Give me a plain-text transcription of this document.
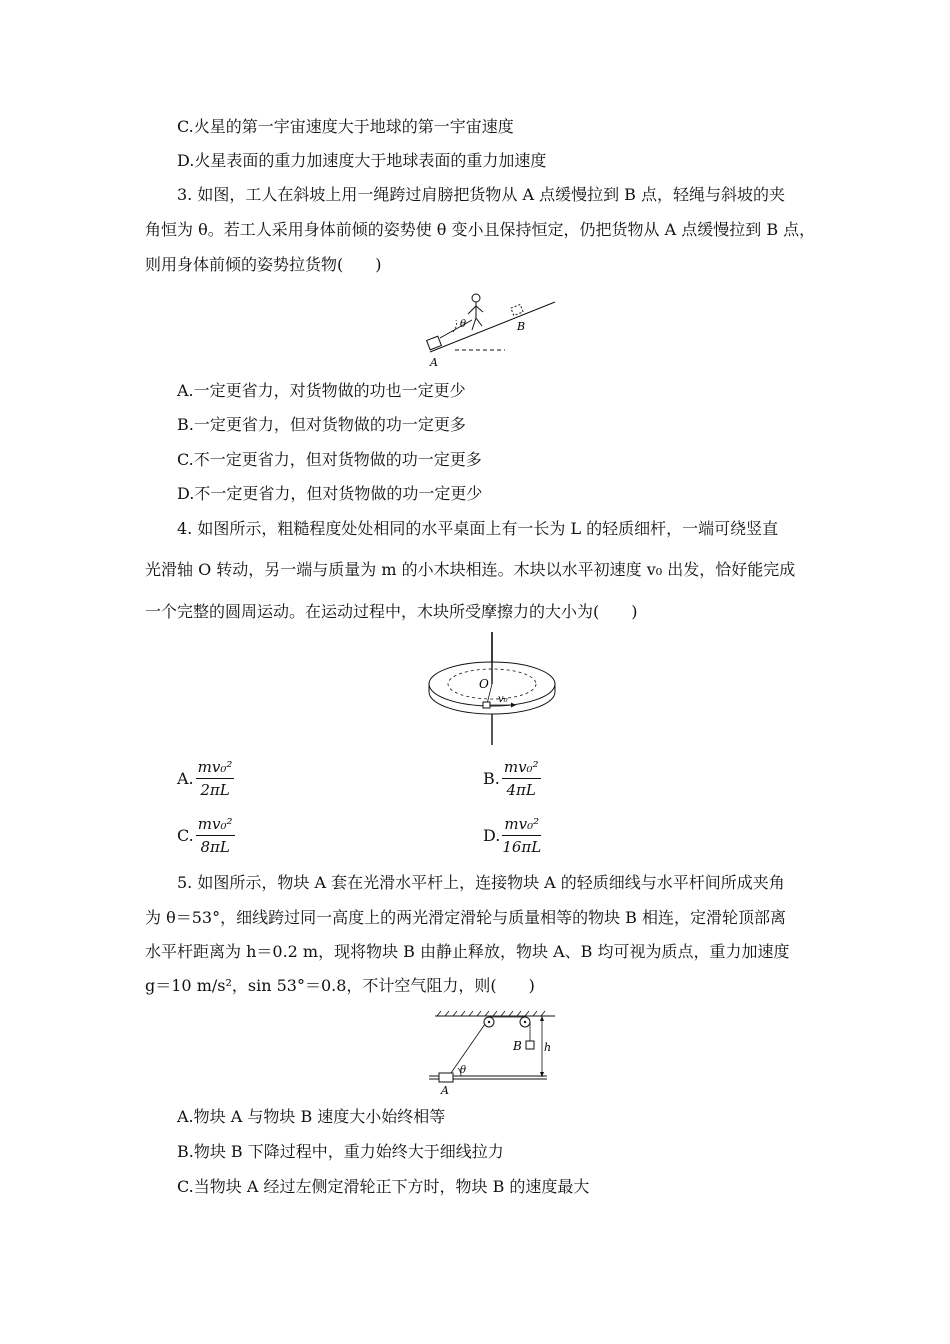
C.火星的第一宇宙速度大于地球的第一宇宙速度
D.火星表面的重力加速度大于地球表面的重力加速度
3. 如图，工人在斜坡上用一绳跨过肩膀把货物从 A 点缓慢拉到 B 点，轻绳与斜坡的夹
角恒为 θ。若工人采用身体前倾的姿势使 θ 变小且保持恒定，仍把货物从 A 点缓慢拉到 B 点，
则用身体前倾的姿势拉货物(　　)
A
B
θ
A.一定更省力，对货物做的功也一定更少
B.一定更省力，但对货物做的功一定更多
C.不一定更省力，但对货物做的功一定更多
D.不一定更省力，但对货物做的功一定更少
4. 如图所示，粗糙程度处处相同的水平桌面上有一长为 L 的轻质细杆，一端可绕竖直
光滑轴 O 转动，另一端与质量为 m 的小木块相连。木块以水平初速度 v₀ 出发，恰好能完成
一个完整的圆周运动。在运动过程中，木块所受摩擦力的大小为(　　)
O
v₀
A. $\frac{\text{mv₀²}}{2\pi L}$	B. $\frac{\text{mv₀²}}{4\pi L}$
C. $\frac{\text{mv₀²}}{8\pi L}$	D. $\frac{\text{mv₀²}}{16\pi L}$
5. 如图所示，物块 A 套在光滑水平杆上，连接物块 A 的轻质细线与水平杆间所成夹角
为 θ＝53°，细线跨过同一高度上的两光滑定滑轮与质量相等的物块 B 相连，定滑轮顶部离
水平杆距离为 h＝0.2 m，现将物块 B 由静止释放，物块 A、B 均可视为质点，重力加速度
g＝10 m/s²，sin 53°＝0.8，不计空气阻力，则(　　)
A
B h
θ
A.物块 A 与物块 B 速度大小始终相等
B.物块 B 下降过程中，重力始终大于细线拉力
C.当物块 A 经过左侧定滑轮正下方时，物块 B 的速度最大
